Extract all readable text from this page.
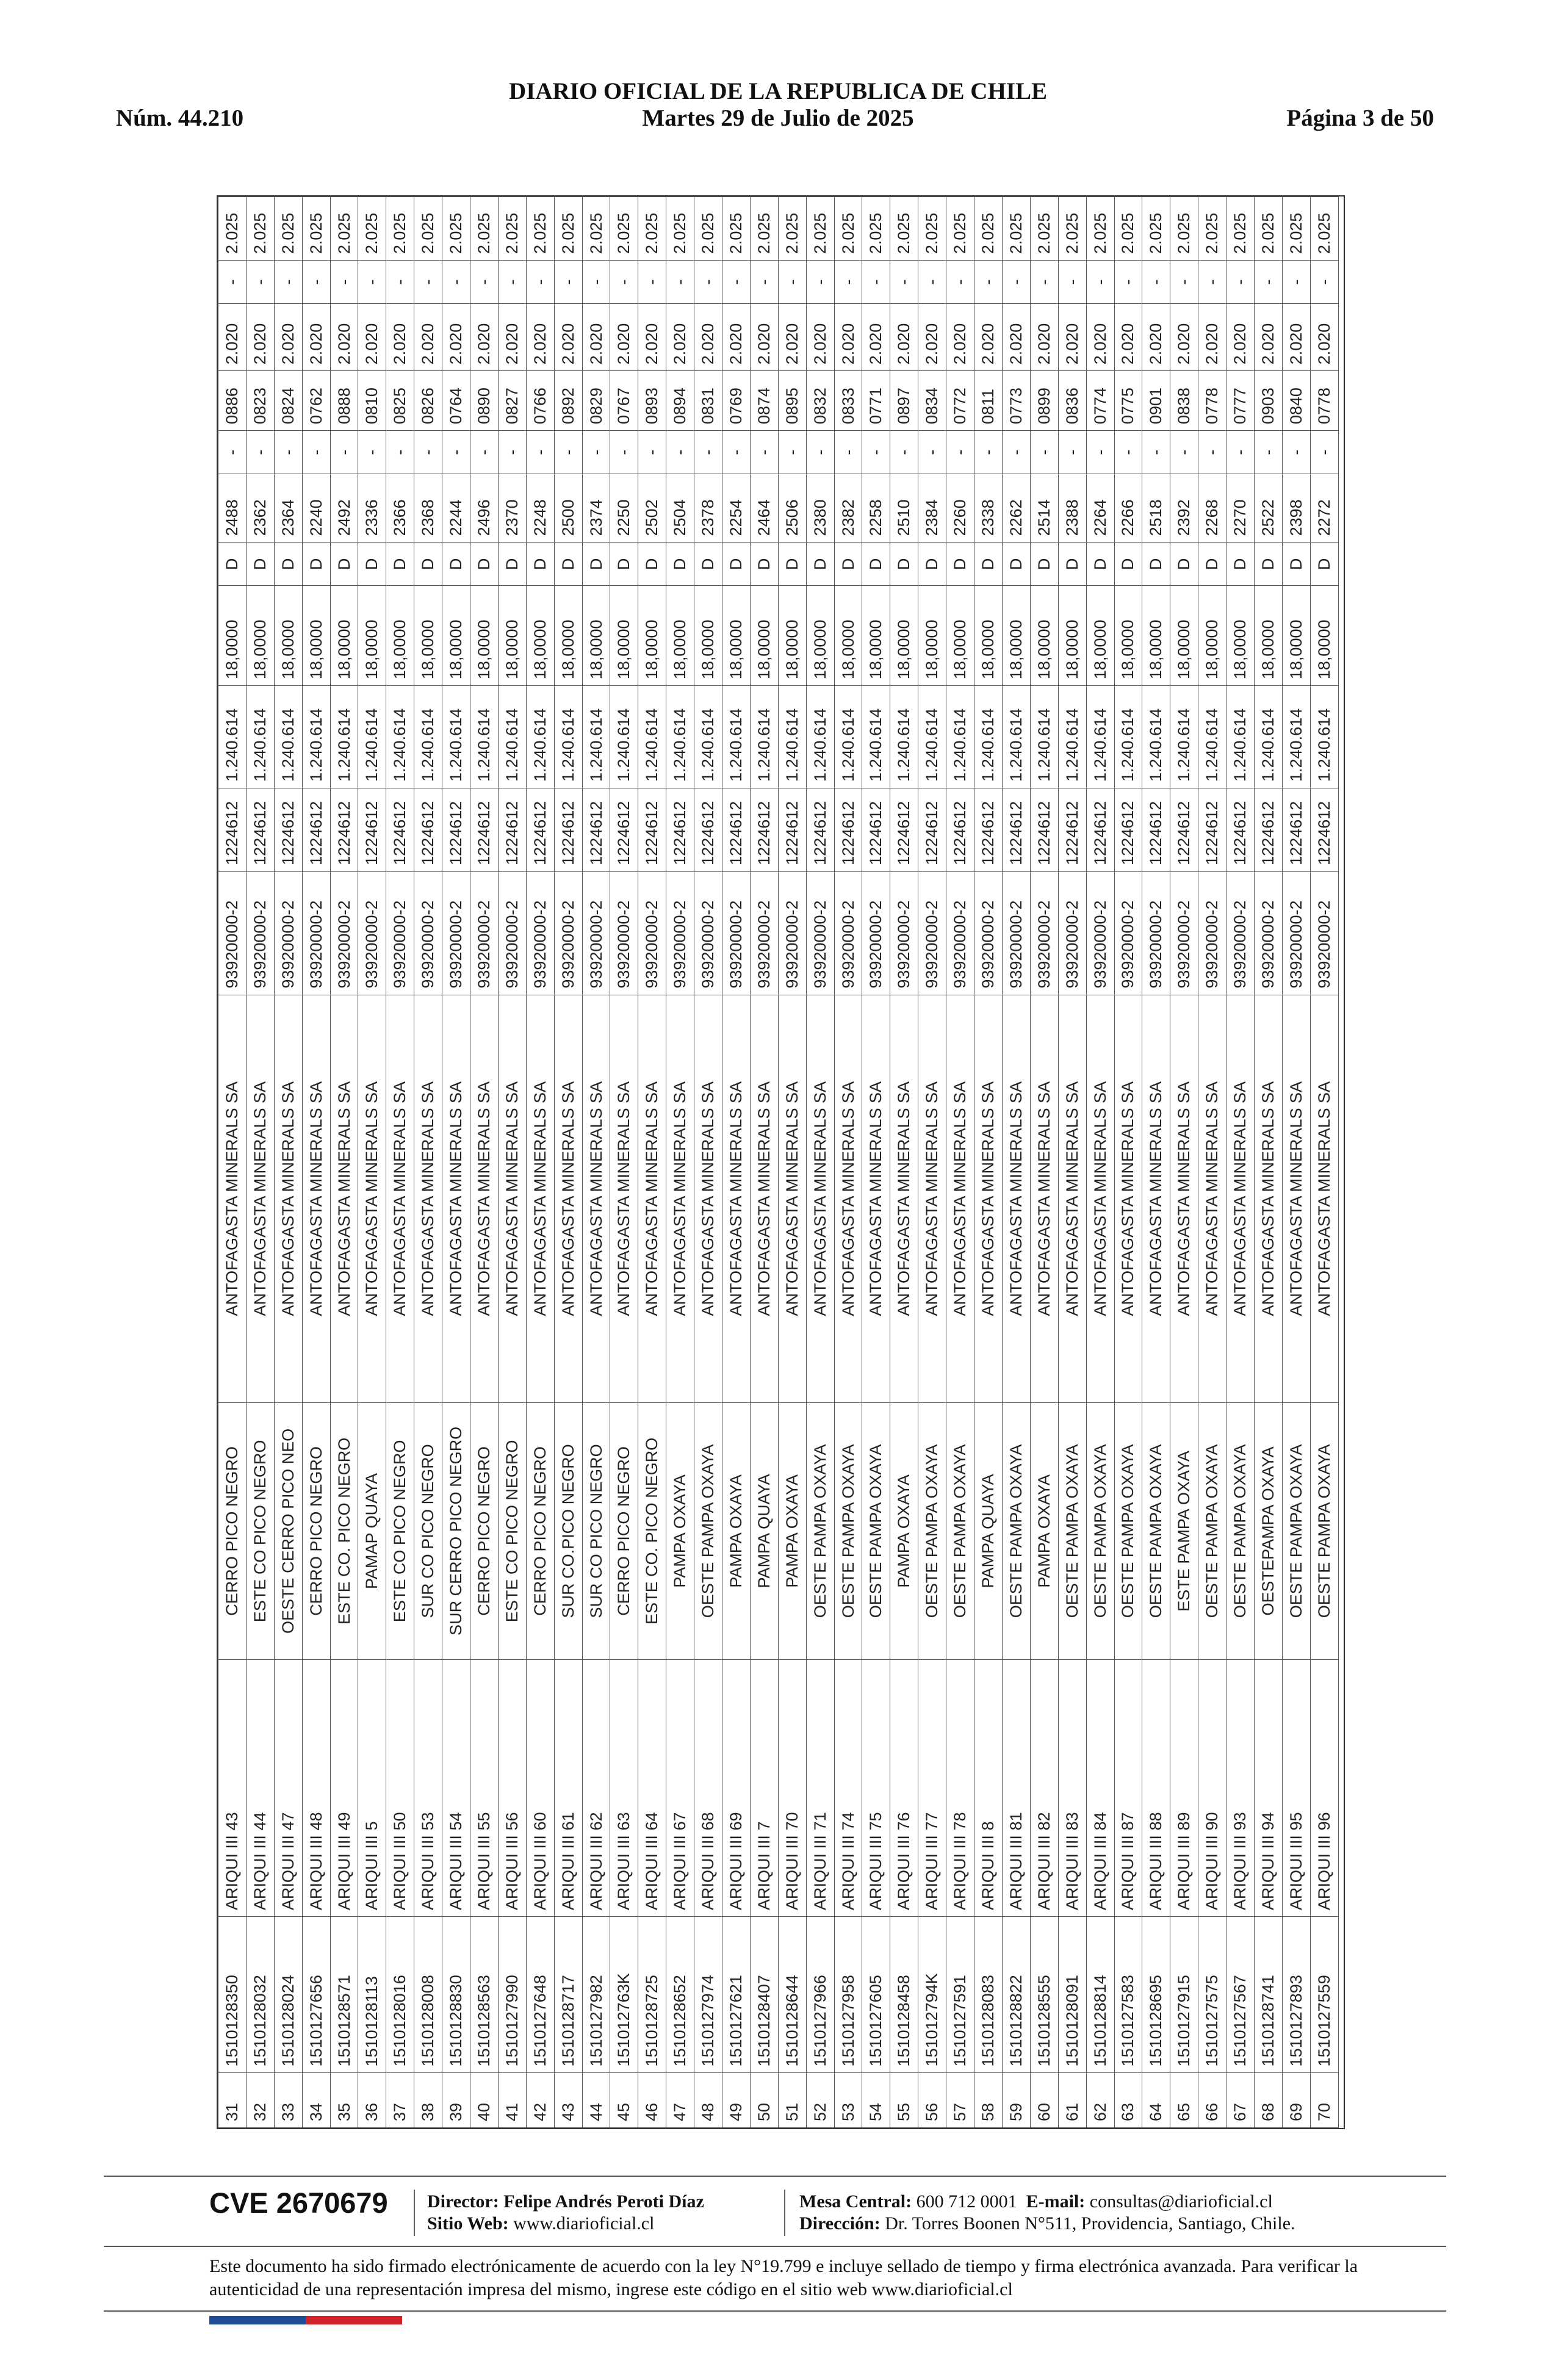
DIARIO OFICIAL DE LA REPUBLICA DE CHILE
Núm. 44.210	Martes 29 de Julio de 2025	Página 3 de 50
31	1510128350	ARIQUI III 43	CERRO PICO NEGRO	ANTOFAGASTA MINERALS SA	93920000-2	1224612	1.240.614	18,0000	D	2488	-	0886	2.020	-	2.025
32	1510128032	ARIQUI III 44	ESTE CO PICO NEGRO	ANTOFAGASTA MINERALS SA	93920000-2	1224612	1.240.614	18,0000	D	2362	-	0823	2.020	-	2.025
33	1510128024	ARIQUI III 47	OESTE CERRO PICO NEO	ANTOFAGASTA MINERALS SA	93920000-2	1224612	1.240.614	18,0000	D	2364	-	0824	2.020	-	2.025
34	1510127656	ARIQUI III 48	CERRO PICO NEGRO	ANTOFAGASTA MINERALS SA	93920000-2	1224612	1.240.614	18,0000	D	2240	-	0762	2.020	-	2.025
35	1510128571	ARIQUI III 49	ESTE CO. PICO NEGRO	ANTOFAGASTA MINERALS SA	93920000-2	1224612	1.240.614	18,0000	D	2492	-	0888	2.020	-	2.025
36	1510128113	ARIQUI III 5	PAMAP QUAYA	ANTOFAGASTA MINERALS SA	93920000-2	1224612	1.240.614	18,0000	D	2336	-	0810	2.020	-	2.025
37	1510128016	ARIQUI III 50	ESTE CO PICO NEGRO	ANTOFAGASTA MINERALS SA	93920000-2	1224612	1.240.614	18,0000	D	2366	-	0825	2.020	-	2.025
38	1510128008	ARIQUI III 53	SUR CO PICO NEGRO	ANTOFAGASTA MINERALS SA	93920000-2	1224612	1.240.614	18,0000	D	2368	-	0826	2.020	-	2.025
39	1510128830	ARIQUI III 54	SUR CERRO PICO NEGRO	ANTOFAGASTA MINERALS SA	93920000-2	1224612	1.240.614	18,0000	D	2244	-	0764	2.020	-	2.025
40	1510128563	ARIQUI III 55	CERRO PICO NEGRO	ANTOFAGASTA MINERALS SA	93920000-2	1224612	1.240.614	18,0000	D	2496	-	0890	2.020	-	2.025
41	1510127990	ARIQUI III 56	ESTE CO PICO NEGRO	ANTOFAGASTA MINERALS SA	93920000-2	1224612	1.240.614	18,0000	D	2370	-	0827	2.020	-	2.025
42	1510127648	ARIQUI III 60	CERRO PICO NEGRO	ANTOFAGASTA MINERALS SA	93920000-2	1224612	1.240.614	18,0000	D	2248	-	0766	2.020	-	2.025
43	1510128717	ARIQUI III 61	SUR CO.PICO NEGRO	ANTOFAGASTA MINERALS SA	93920000-2	1224612	1.240.614	18,0000	D	2500	-	0892	2.020	-	2.025
44	1510127982	ARIQUI III 62	SUR CO PICO NEGRO	ANTOFAGASTA MINERALS SA	93920000-2	1224612	1.240.614	18,0000	D	2374	-	0829	2.020	-	2.025
45	151012763K	ARIQUI III 63	CERRO PICO NEGRO	ANTOFAGASTA MINERALS SA	93920000-2	1224612	1.240.614	18,0000	D	2250	-	0767	2.020	-	2.025
46	1510128725	ARIQUI III 64	ESTE CO. PICO NEGRO	ANTOFAGASTA MINERALS SA	93920000-2	1224612	1.240.614	18,0000	D	2502	-	0893	2.020	-	2.025
47	1510128652	ARIQUI III 67	PAMPA OXAYA	ANTOFAGASTA MINERALS SA	93920000-2	1224612	1.240.614	18,0000	D	2504	-	0894	2.020	-	2.025
48	1510127974	ARIQUI III 68	OESTE PAMPA OXAYA	ANTOFAGASTA MINERALS SA	93920000-2	1224612	1.240.614	18,0000	D	2378	-	0831	2.020	-	2.025
49	1510127621	ARIQUI III 69	PAMPA OXAYA	ANTOFAGASTA MINERALS SA	93920000-2	1224612	1.240.614	18,0000	D	2254	-	0769	2.020	-	2.025
50	1510128407	ARIQUI III 7	PAMPA QUAYA	ANTOFAGASTA MINERALS SA	93920000-2	1224612	1.240.614	18,0000	D	2464	-	0874	2.020	-	2.025
51	1510128644	ARIQUI III 70	PAMPA OXAYA	ANTOFAGASTA MINERALS SA	93920000-2	1224612	1.240.614	18,0000	D	2506	-	0895	2.020	-	2.025
52	1510127966	ARIQUI III 71	OESTE PAMPA OXAYA	ANTOFAGASTA MINERALS SA	93920000-2	1224612	1.240.614	18,0000	D	2380	-	0832	2.020	-	2.025
53	1510127958	ARIQUI III 74	OESTE PAMPA OXAYA	ANTOFAGASTA MINERALS SA	93920000-2	1224612	1.240.614	18,0000	D	2382	-	0833	2.020	-	2.025
54	1510127605	ARIQUI III 75	OESTE PAMPA OXAYA	ANTOFAGASTA MINERALS SA	93920000-2	1224612	1.240.614	18,0000	D	2258	-	0771	2.020	-	2.025
55	1510128458	ARIQUI III 76	PAMPA OXAYA	ANTOFAGASTA MINERALS SA	93920000-2	1224612	1.240.614	18,0000	D	2510	-	0897	2.020	-	2.025
56	151012794K	ARIQUI III 77	OESTE PAMPA OXAYA	ANTOFAGASTA MINERALS SA	93920000-2	1224612	1.240.614	18,0000	D	2384	-	0834	2.020	-	2.025
57	1510127591	ARIQUI III 78	OESTE PAMPA OXAYA	ANTOFAGASTA MINERALS SA	93920000-2	1224612	1.240.614	18,0000	D	2260	-	0772	2.020	-	2.025
58	1510128083	ARIQUI III 8	PAMPA QUAYA	ANTOFAGASTA MINERALS SA	93920000-2	1224612	1.240.614	18,0000	D	2338	-	0811	2.020	-	2.025
59	1510128822	ARIQUI III 81	OESTE PAMPA OXAYA	ANTOFAGASTA MINERALS SA	93920000-2	1224612	1.240.614	18,0000	D	2262	-	0773	2.020	-	2.025
60	1510128555	ARIQUI III 82	PAMPA OXAYA	ANTOFAGASTA MINERALS SA	93920000-2	1224612	1.240.614	18,0000	D	2514	-	0899	2.020	-	2.025
61	1510128091	ARIQUI III 83	OESTE PAMPA OXAYA	ANTOFAGASTA MINERALS SA	93920000-2	1224612	1.240.614	18,0000	D	2388	-	0836	2.020	-	2.025
62	1510128814	ARIQUI III 84	OESTE PAMPA OXAYA	ANTOFAGASTA MINERALS SA	93920000-2	1224612	1.240.614	18,0000	D	2264	-	0774	2.020	-	2.025
63	1510127583	ARIQUI III 87	OESTE PAMPA OXAYA	ANTOFAGASTA MINERALS SA	93920000-2	1224612	1.240.614	18,0000	D	2266	-	0775	2.020	-	2.025
64	1510128695	ARIQUI III 88	OESTE PAMPA OXAYA	ANTOFAGASTA MINERALS SA	93920000-2	1224612	1.240.614	18,0000	D	2518	-	0901	2.020	-	2.025
65	1510127915	ARIQUI III 89	ESTE PAMPA OXAYA	ANTOFAGASTA MINERALS SA	93920000-2	1224612	1.240.614	18,0000	D	2392	-	0838	2.020	-	2.025
66	1510127575	ARIQUI III 90	OESTE PAMPA OXAYA	ANTOFAGASTA MINERALS SA	93920000-2	1224612	1.240.614	18,0000	D	2268	-	0778	2.020	-	2.025
67	1510127567	ARIQUI III 93	OESTE PAMPA OXAYA	ANTOFAGASTA MINERALS SA	93920000-2	1224612	1.240.614	18,0000	D	2270	-	0777	2.020	-	2.025
68	1510128741	ARIQUI III 94	OESTEPAMPA OXAYA	ANTOFAGASTA MINERALS SA	93920000-2	1224612	1.240.614	18,0000	D	2522	-	0903	2.020	-	2.025
69	1510127893	ARIQUI III 95	OESTE PAMPA OXAYA	ANTOFAGASTA MINERALS SA	93920000-2	1224612	1.240.614	18,0000	D	2398	-	0840	2.020	-	2.025
70	1510127559	ARIQUI III 96	OESTE PAMPA OXAYA	ANTOFAGASTA MINERALS SA	93920000-2	1224612	1.240.614	18,0000	D	2272	-	0778	2.020	-	2.025
CVE 2670679 Director: Felipe Andrés Peroti Díaz
Sitio Web: www.diarioficial.cl
Mesa Central: 600 712 0001 E-mail: consultas@diarioficial.cl
Dirección: Dr. Torres Boonen N°511, Providencia, Santiago, Chile.
Este documento ha sido firmado electrónicamente de acuerdo con la ley N°19.799 e incluye sellado de tiempo y firma electrónica avanzada. Para verificar la autenticidad de una representación impresa del mismo, ingrese este código en el sitio web www.diarioficial.cl
